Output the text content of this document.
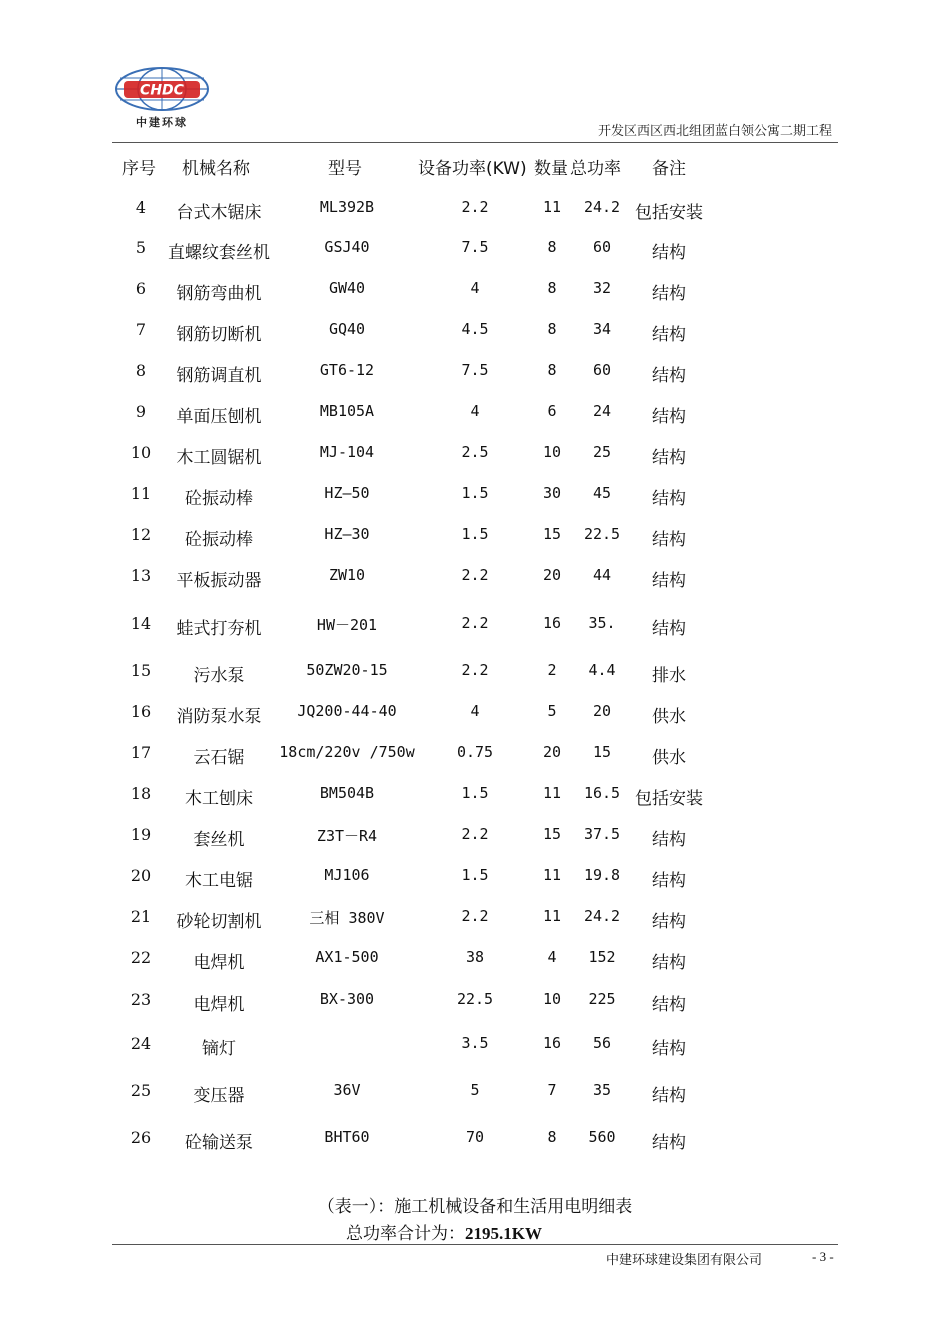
CHDC
中建环球
开发区西区西北组团蓝白领公寓二期工程
序号 机械名称	型号	设备功率(KW) 数量 总功率 备注
4 台式木锯床	ML392B	2.2	11 24.2 包括安装
5 直螺纹套丝机	GSJ40	7.5	8 60 结构
6 钢筋弯曲机	GW40	4	8 32 结构
7 钢筋切断机	GQ40	4.5	8 34 结构
8 钢筋调直机	GT6-12	7.5	8 60 结构
9 单面压刨机	MB105A	4	6 24 结构
10 木工圆锯机	MJ-104	2.5	10 25 结构
11 砼振动棒	HZ—50	1.5	30 45 结构
12 砼振动棒	HZ—30	1.5	15 22.5 结构
13 平板振动器	ZW10	2.2	20 44 结构
14 蛙式打夯机	HW－201	2.2	16 35. 结构
15 污水泵	50ZW20-15	2.2	2 4.4 排水
16 消防泵水泵 JQ200-44-40	4	5 20 供水
17 云石锯 18cm/220v /750w	0.75	20 15 供水
18 木工刨床	BM504B	1.5	11 16.5 包括安装
19 套丝机	Z3T－R4	2.2	15 37.5 结构
20 木工电锯	MJ106	1.5	11 19.8 结构
21 砂轮切割机	三相 380V	2.2	11 24.2 结构
22 电焊机	AX1-500	38	4 152 结构
23 电焊机	BX-300	22.5	10 225 结构
24	镝灯	3.5	16 56 结构
25 变压器	36V	5	7 35 结构
26 砼输送泵	BHT60	70	8 560 结构
（表一）：施工机械设备和生活用电明细表
总功率合计为：2195.1KW
中建环球建设集团有限公司	- 3 -
